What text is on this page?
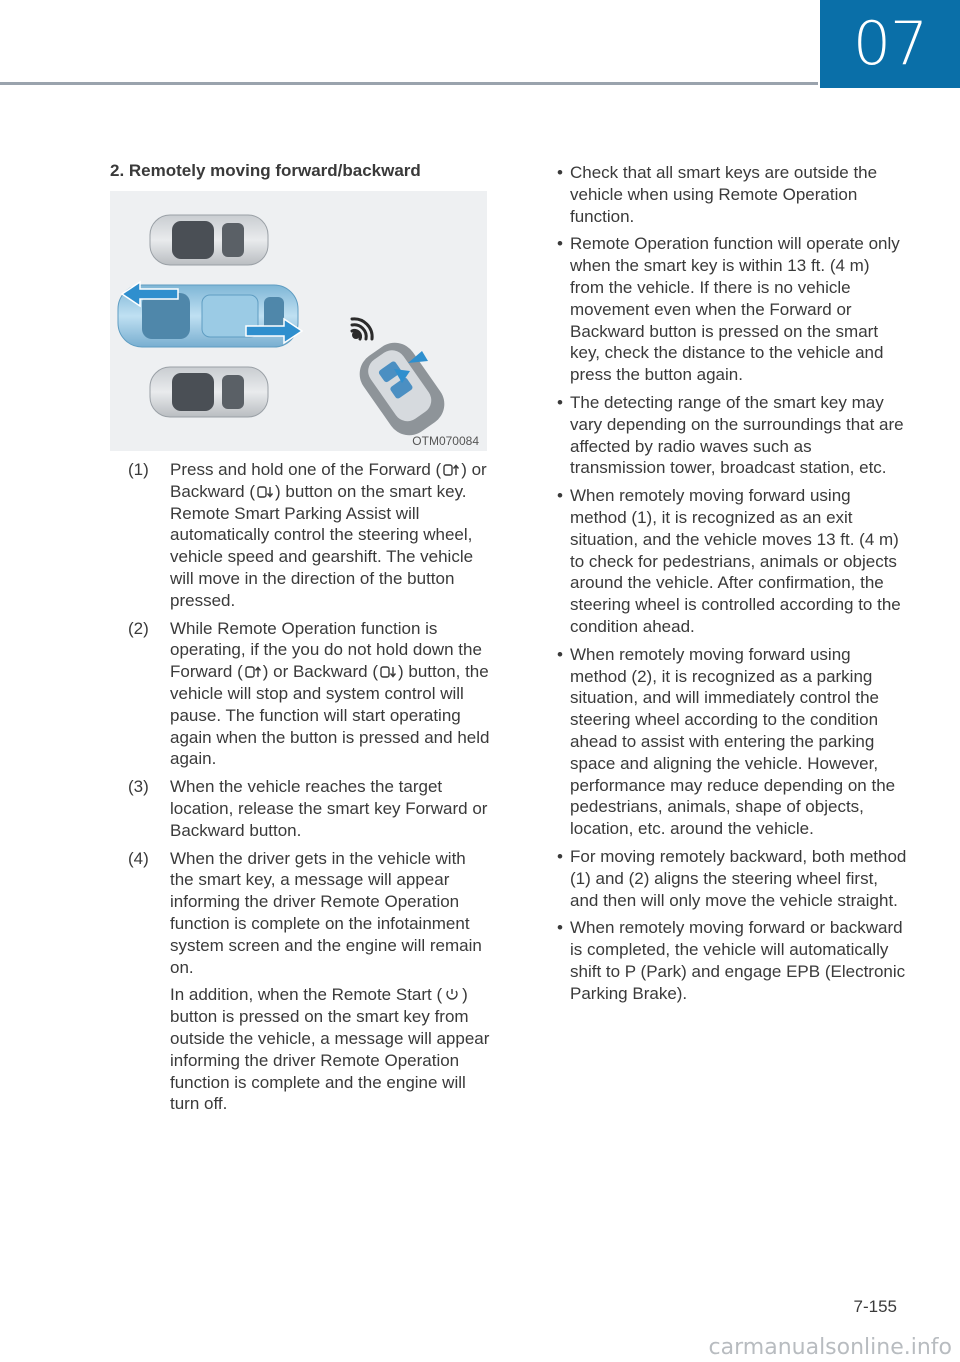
07
2. Remotely moving forward/backward
OTM070084
(1) Press and hold one of the Forward ( ) or Backward ( ) button on the smart key. Remote Smart Parking Assist will automatically control the steering wheel, vehicle speed and gearshift. The vehicle will move in the direction of the button pressed.
(2) While Remote Operation function is operating, if the you do not hold down the Forward ( ) or Backward ( ) button, the vehicle will stop and system control will pause. The function will start operating again when the button is pressed and held again.
(3) When the vehicle reaches the target location, release the smart key Forward or Backward button.
(4) When the driver gets in the vehicle with the smart key, a message will appear informing the driver Remote Operation function is complete on the infotainment system screen and the engine will remain on.
In addition, when the Remote Start ( ) button is pressed on the smart key from outside the vehicle, a message will appear informing the driver Remote Operation function is complete and the engine will turn off.
• Check that all smart keys are outside the vehicle when using Remote Operation function.
• Remote Operation function will operate only when the smart key is within 13 ft. (4 m) from the vehicle. If there is no vehicle movement even when the Forward or Backward button is pressed on the smart key, check the distance to the vehicle and press the button again.
• The detecting range of the smart key may vary depending on the surroundings that are affected by radio waves such as transmission tower, broadcast station, etc.
• When remotely moving forward using method (1), it is recognized as an exit situation, and the vehicle moves 13 ft. (4 m) to check for pedestrians, animals or objects around the vehicle. After confirmation, the steering wheel is controlled according to the condition ahead.
• When remotely moving forward using method (2), it is recognized as a parking situation, and will immediately control the steering wheel according to the condition ahead to assist with entering the parking space and aligning the vehicle. However, performance may reduce depending on the pedestrians, animals, shape of objects, location, etc. around the vehicle.
• For moving remotely backward, both method (1) and (2) aligns the steering wheel first, and then will only move the vehicle straight.
• When remotely moving forward or backward is completed, the vehicle will automatically shift to P (Park) and engage EPB (Electronic Parking Brake).
7-155
carmanualsonline.info
